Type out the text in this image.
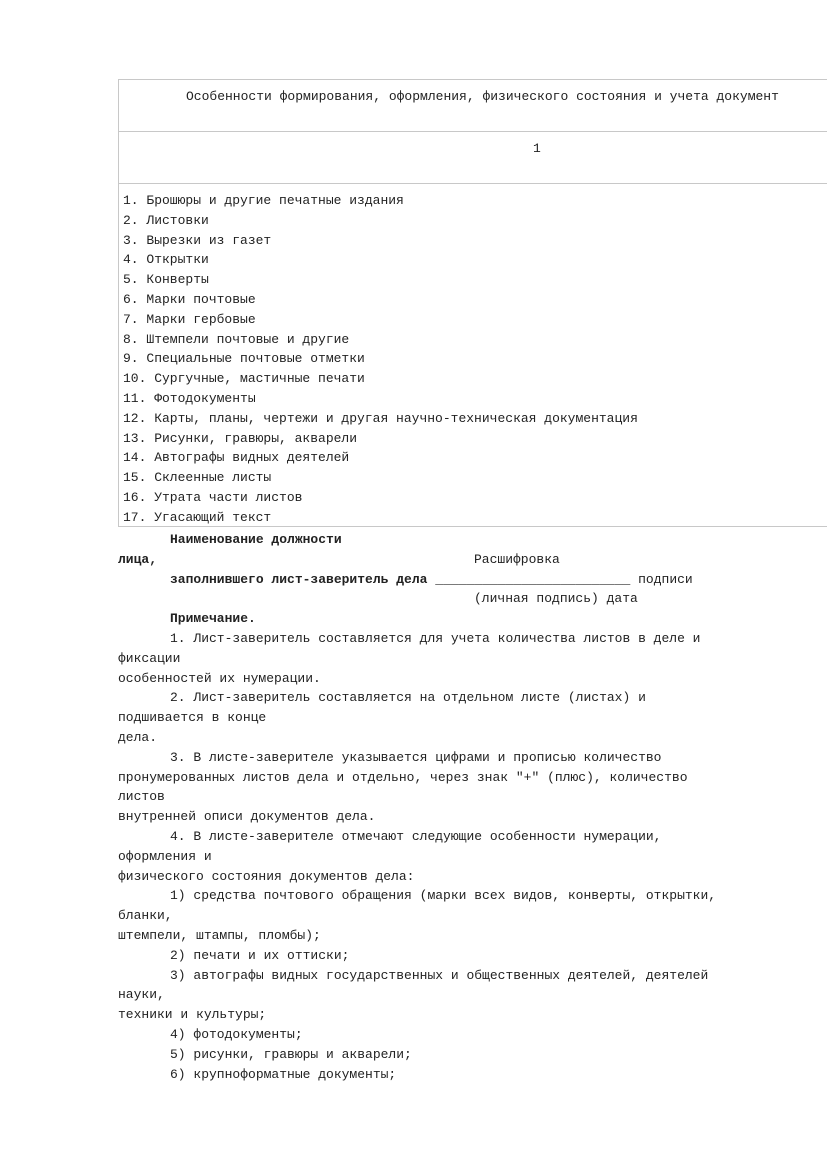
Особенности формирования, оформления, физического состояния и учета документ
1
1. Брошюры и другие печатные издания
2. Листовки
3. Вырезки из газет
4. Открытки
5. Конверты
6. Марки почтовые
7. Марки гербовые
8. Штемпели почтовые и другие
9. Специальные почтовые отметки
10. Сургучные, мастичные печати
11. Фотодокументы
12. Карты, планы, чертежи и другая научно-техническая документация
13. Рисунки, гравюры, акварели
14. Автографы видных деятелей
15. Склеенные листы
16. Утрата части листов
17. Угасающий текст
Наименование должности
лица,	Расшифровка
заполнившего лист-заверитель дела _________________________ подписи
(личная подпись) дата
Примечание.
1. Лист-заверитель составляется для учета количества листов в деле и
фиксации
особенностей их нумерации.
2. Лист-заверитель составляется на отдельном листе (листах) и
подшивается в конце
дела.
3. В листе-заверителе указывается цифрами и прописью количество
пронумерованных листов дела и отдельно, через знак "+" (плюс), количество
листов
внутренней описи документов дела.
4. В листе-заверителе отмечают следующие особенности нумерации,
оформления и
физического состояния документов дела:
1) средства почтового обращения (марки всех видов, конверты, открытки,
бланки,
штемпели, штампы, пломбы);
2) печати и их оттиски;
3) автографы видных государственных и общественных деятелей, деятелей
науки,
техники и культуры;
4) фотодокументы;
5) рисунки, гравюры и акварели;
6) крупноформатные документы;
